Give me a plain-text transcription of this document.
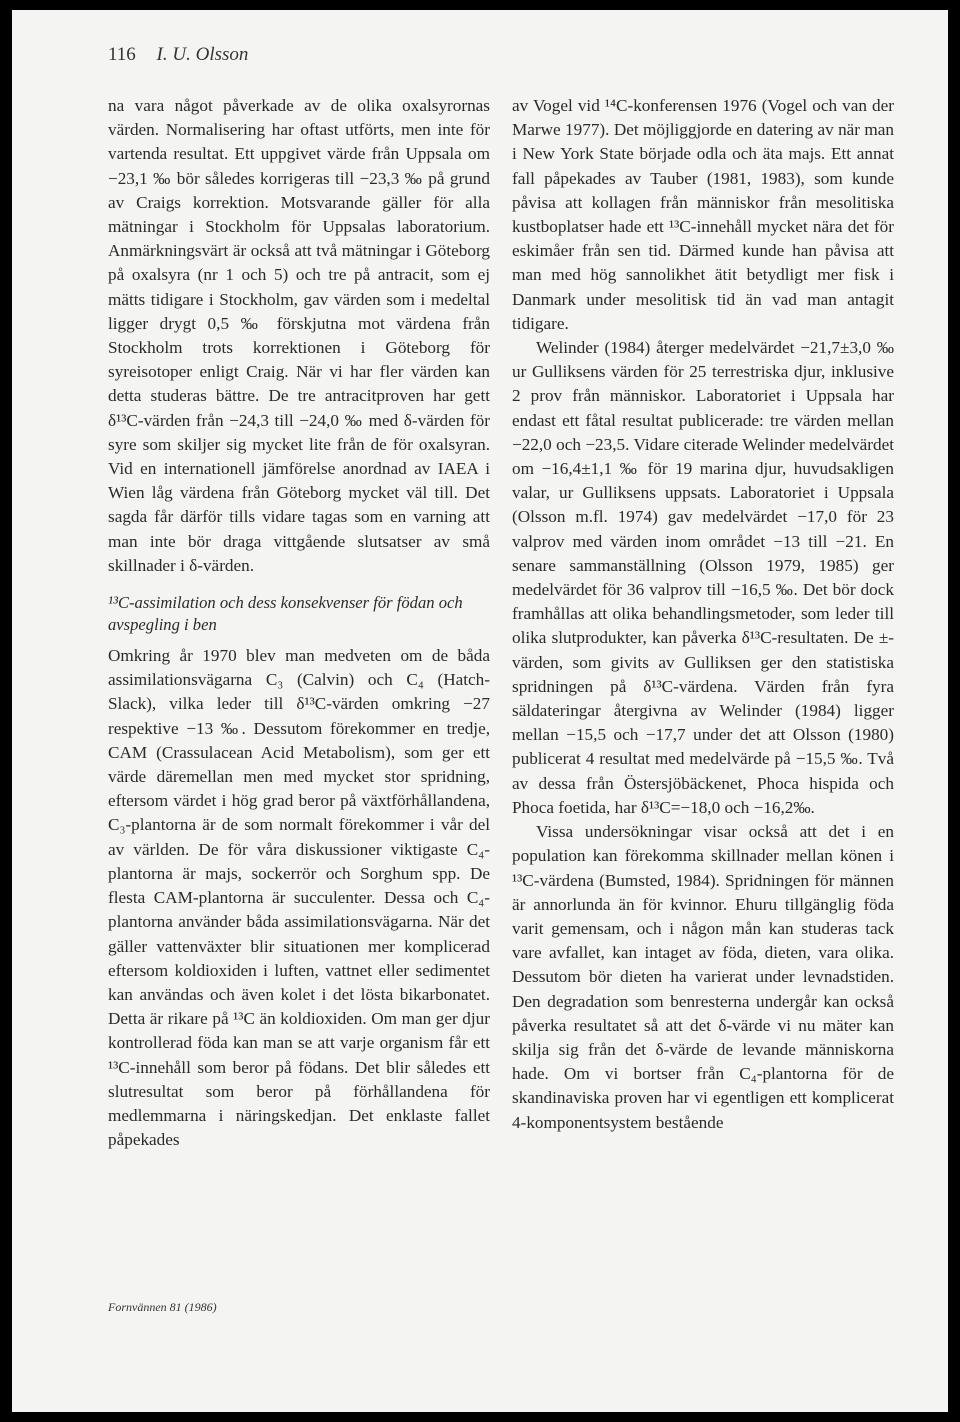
116 I. U. Olsson

na vara något påverkade av de olika oxalsyrornas värden. Normalisering har oftast utförts, men inte för vartenda resultat. Ett uppgivet värde från Uppsala om −23,1 ‰ bör således korrigeras till −23,3 ‰ på grund av Craigs korrektion. Motsvarande gäller för alla mätningar i Stockholm för Uppsalas laboratorium. Anmärkningsvärt är också att två mätningar i Göteborg på oxalsyra (nr 1 och 5) och tre på antracit, som ej mätts tidigare i Stockholm, gav värden som i medeltal ligger drygt 0,5 ‰ förskjutna mot värdena från Stockholm trots korrektionen i Göteborg för syreisotoper enligt Craig. När vi har fler värden kan detta studeras bättre. De tre antracitproven har gett δ¹³C-värden från −24,3 till −24,0 ‰ med δ-värden för syre som skiljer sig mycket lite från de för oxalsyran. Vid en internationell jämförelse anordnad av IAEA i Wien låg värdena från Göteborg mycket väl till. Det sagda får därför tills vidare tagas som en varning att man inte bör draga vittgående slutsatser av små skillnader i δ-värden.

¹³C-assimilation och dess konsekvenser för födan och avspegling i ben

Omkring år 1970 blev man medveten om de båda assimilationsvägarna C₃ (Calvin) och C₄ (Hatch-Slack), vilka leder till δ¹³C-värden omkring −27 respektive −13 ‰. Dessutom förekommer en tredje, CAM (Crassulacean Acid Metabolism), som ger ett värde däremellan men med mycket stor spridning, eftersom värdet i hög grad beror på växtförhållandena, C₃-plantorna är de som normalt förekommer i vår del av världen. De för våra diskussioner viktigaste C₄-plantorna är majs, sockerrör och Sorghum spp. De flesta CAM-plantorna är succulenter. Dessa och C₄-plantorna använder båda assimilationsvägarna. När det gäller vattenväxter blir situationen mer komplicerad eftersom koldioxiden i luften, vattnet eller sedimentet kan användas och även kolet i det lösta bikarbonatet. Detta är rikare på ¹³C än koldioxiden. Om man ger djur kontrollerad föda kan man se att varje organism får ett ¹³C-innehåll som beror på födans. Det blir således ett slutresultat som beror på förhållandena för medlemmarna i näringskedjan. Det enklaste fallet påpekades

av Vogel vid ¹⁴C-konferensen 1976 (Vogel och van der Marwe 1977). Det möjliggjorde en datering av när man i New York State började odla och äta majs. Ett annat fall påpekades av Tauber (1981, 1983), som kunde påvisa att kollagen från människor från mesolitiska kustboplatser hade ett ¹³C-innehåll mycket nära det för eskimåer från sen tid. Därmed kunde han påvisa att man med hög sannolikhet ätit betydligt mer fisk i Danmark under mesolitisk tid än vad man antagit tidigare.

Welinder (1984) återger medelvärdet −21,7±3,0 ‰ ur Gulliksens värden för 25 terrestriska djur, inklusive 2 prov från människor. Laboratoriet i Uppsala har endast ett fåtal resultat publicerade: tre värden mellan −22,0 och −23,5. Vidare citerade Welinder medelvärdet om −16,4±1,1 ‰ för 19 marina djur, huvudsakligen valar, ur Gulliksens uppsats. Laboratoriet i Uppsala (Olsson m.fl. 1974) gav medelvärdet −17,0 för 23 valprov med värden inom området −13 till −21. En senare sammanställning (Olsson 1979, 1985) ger medelvärdet för 36 valprov till −16,5 ‰. Det bör dock framhållas att olika behandlingsmetoder, som leder till olika slutprodukter, kan påverka δ¹³C-resultaten. De ±-värden, som givits av Gulliksen ger den statistiska spridningen på δ¹³C-värdena. Värden från fyra säldateringar återgivna av Welinder (1984) ligger mellan −15,5 och −17,7 under det att Olsson (1980) publicerat 4 resultat med medelvärde på −15,5 ‰. Två av dessa från Östersjöbäckenet, Phoca hispida och Phoca foetida, har δ¹³C=−18,0 och −16,2‰.

Vissa undersökningar visar också att det i en population kan förekomma skillnader mellan könen i ¹³C-värdena (Bumsted, 1984). Spridningen för männen är annorlunda än för kvinnor. Ehuru tillgänglig föda varit gemensam, och i någon mån kan studeras tack vare avfallet, kan intaget av föda, dieten, vara olika. Dessutom bör dieten ha varierat under levnadstiden. Den degradation som benresterna undergår kan också påverka resultatet så att det δ-värde vi nu mäter kan skilja sig från det δ-värde de levande människorna hade. Om vi bortser från C₄-plantorna för de skandinaviska proven har vi egentligen ett komplicerat 4-komponentsystem bestående

Fornvännen 81 (1986)
